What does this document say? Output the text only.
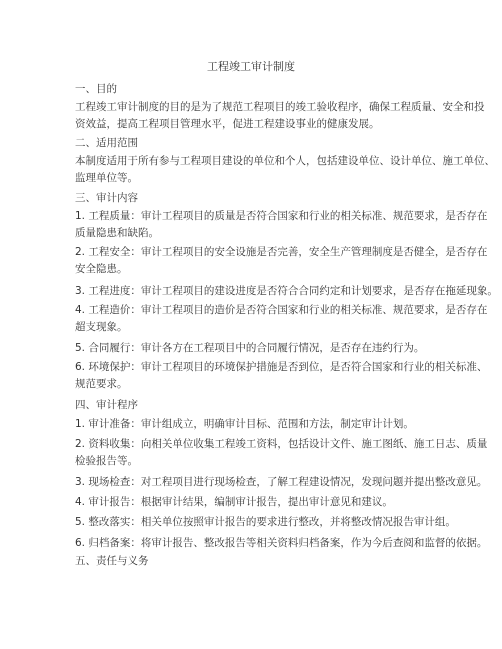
工程竣工审计制度
一、目的
工程竣工审计制度的目的是为了规范工程项目的竣工验收程序，确保工程质量、安全和投
资效益，提高工程项目管理水平，促进工程建设事业的健康发展。
二、适用范围
本制度适用于所有参与工程项目建设的单位和个人，包括建设单位、设计单位、施工单位、
监理单位等。
三、审计内容
1. 工程质量：审计工程项目的质量是否符合国家和行业的相关标准、规范要求，是否存在
质量隐患和缺陷。
2. 工程安全：审计工程项目的安全设施是否完善，安全生产管理制度是否健全，是否存在
安全隐患。
3. 工程进度：审计工程项目的建设进度是否符合合同约定和计划要求，是否存在拖延现象。
4. 工程造价：审计工程项目的造价是否符合国家和行业的相关标准、规范要求，是否存在
超支现象。
5. 合同履行：审计各方在工程项目中的合同履行情况，是否存在违约行为。
6. 环境保护：审计工程项目的环境保护措施是否到位，是否符合国家和行业的相关标准、
规范要求。
四、审计程序
1. 审计准备：审计组成立，明确审计目标、范围和方法，制定审计计划。
2. 资料收集：向相关单位收集工程竣工资料，包括设计文件、施工图纸、施工日志、质量
检验报告等。
3. 现场检查：对工程项目进行现场检查，了解工程建设情况，发现问题并提出整改意见。
4. 审计报告：根据审计结果，编制审计报告，提出审计意见和建议。
5. 整改落实：相关单位按照审计报告的要求进行整改，并将整改情况报告审计组。
6. 归档备案：将审计报告、整改报告等相关资料归档备案，作为今后查阅和监督的依据。
五、责任与义务
